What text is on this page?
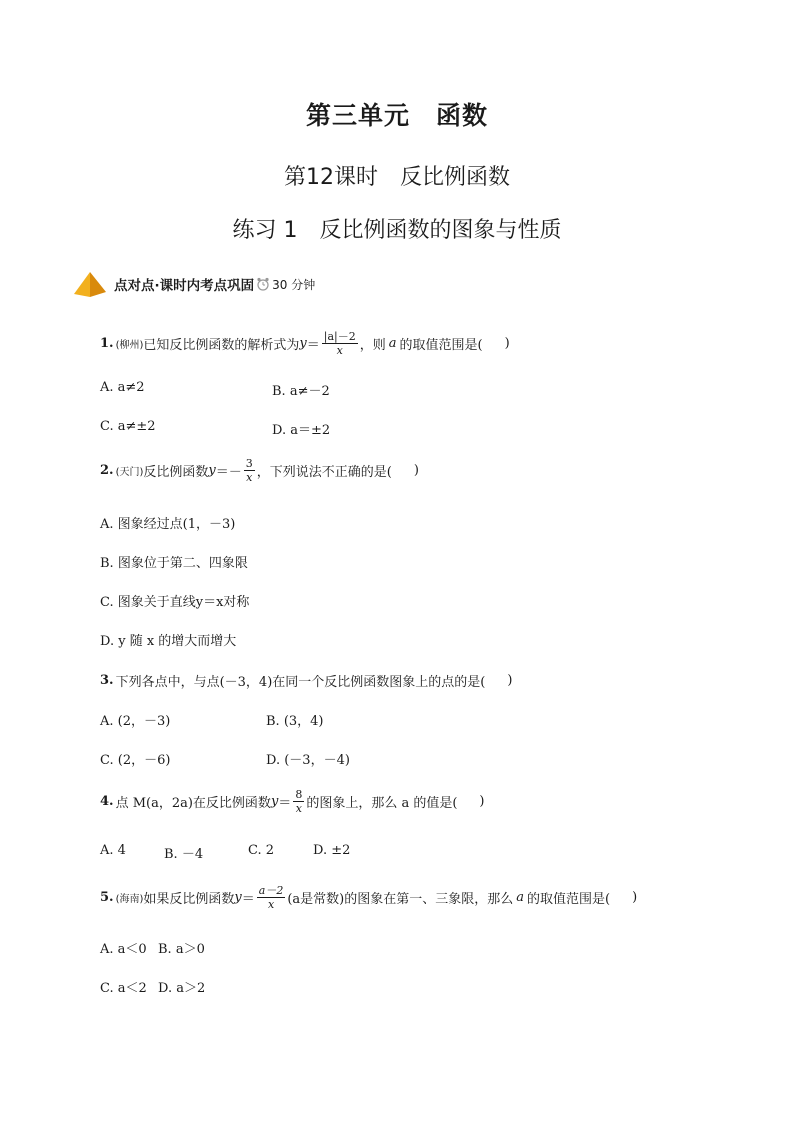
第三单元　函数
第12课时　反比例函数
练习 1　反比例函数的图象与性质
点对点·课时内考点巩固 30 分钟
1. (柳州) 已知反比例函数的解析式为 $y = \frac{|a|-2}{x}$ ，则 a 的取值范围是( )
A. a≠2	B. a≠－2
C. a≠±2	D. a＝±2
2. (天门) 反比例函数 $y =- \frac{3}{x}$ ，下列说法不正确的是( )
A. 图象经过点(1，－3)
B. 图象位于第二、四象限
C. 图象关于直线y＝x对称
D. y 随 x 的增大而增大
3. 下列各点中，与点(－3，4)在同一个反比例函数图象上的点的是( )
A. (2，－3)	B. (3，4)
C. (2，－6)	D. (－3，－4)
4. 点 M(a，2a)在反比例函数 $y = \frac{8}{x}$ 的图象上，那么 a 的值是( )
A. 4	B. －4	C. 2	D. ±2
5. (海南) 如果反比例函数 $y = \frac{a-2}{x} (a$是常数)的图象在第一、三象限，那么 a 的取值范围是( )
A. a＜0 B. a＞0
C. a＜2 D. a＞2
